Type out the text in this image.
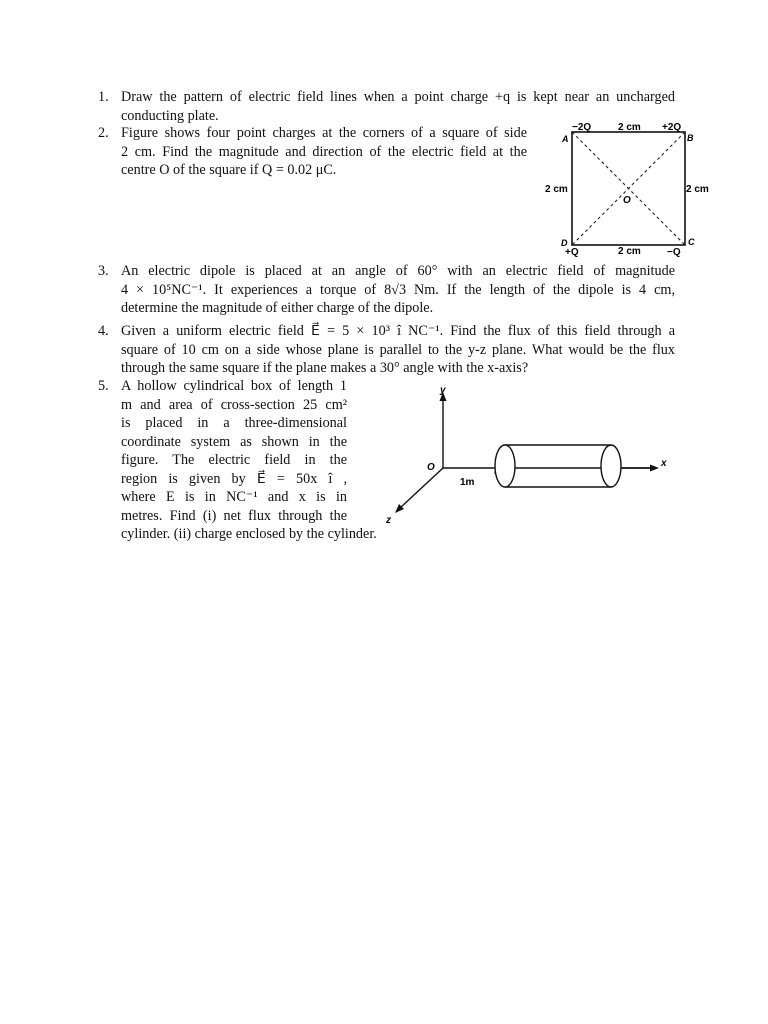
1. Draw the pattern of electric field lines when a point charge +q is kept near an uncharged
conducting plate.
2. Figure shows four point charges at the corners of a square of side
2 cm. Find the magnitude and direction of the electric field at the
centre O of the square if Q = 0.02 μC.
−2Q	2 cm +2Q
A	B
2 cm	2 cm
O
D	C
+Q	2 cm	−Q
3. An electric dipole is placed at an angle of 60° with an electric field of magnitude
4 × 10⁵NC⁻¹. It experiences a torque of 8√3 Nm. If the length of the dipole is 4 cm,
determine the magnitude of either charge of the dipole.
4. Given a uniform electric field E⃗ = 5 × 10³ î NC⁻¹. Find the flux of this field through a
square of 10 cm on a side whose plane is parallel to the y-z plane. What would be the flux
through the same square if the plane makes a 30° angle with the x-axis?
5. A hollow cylindrical box of length 1
m and area of cross-section 25 cm²
is placed in a three-dimensional
coordinate system as shown in the
figure. The electric field in the
region is given by E⃗ = 50x î ,
where E is in NC⁻¹ and x is in
metres. Find (i) net flux through the
cylinder. (ii) charge enclosed by the cylinder.
y
x
z
O
1m
